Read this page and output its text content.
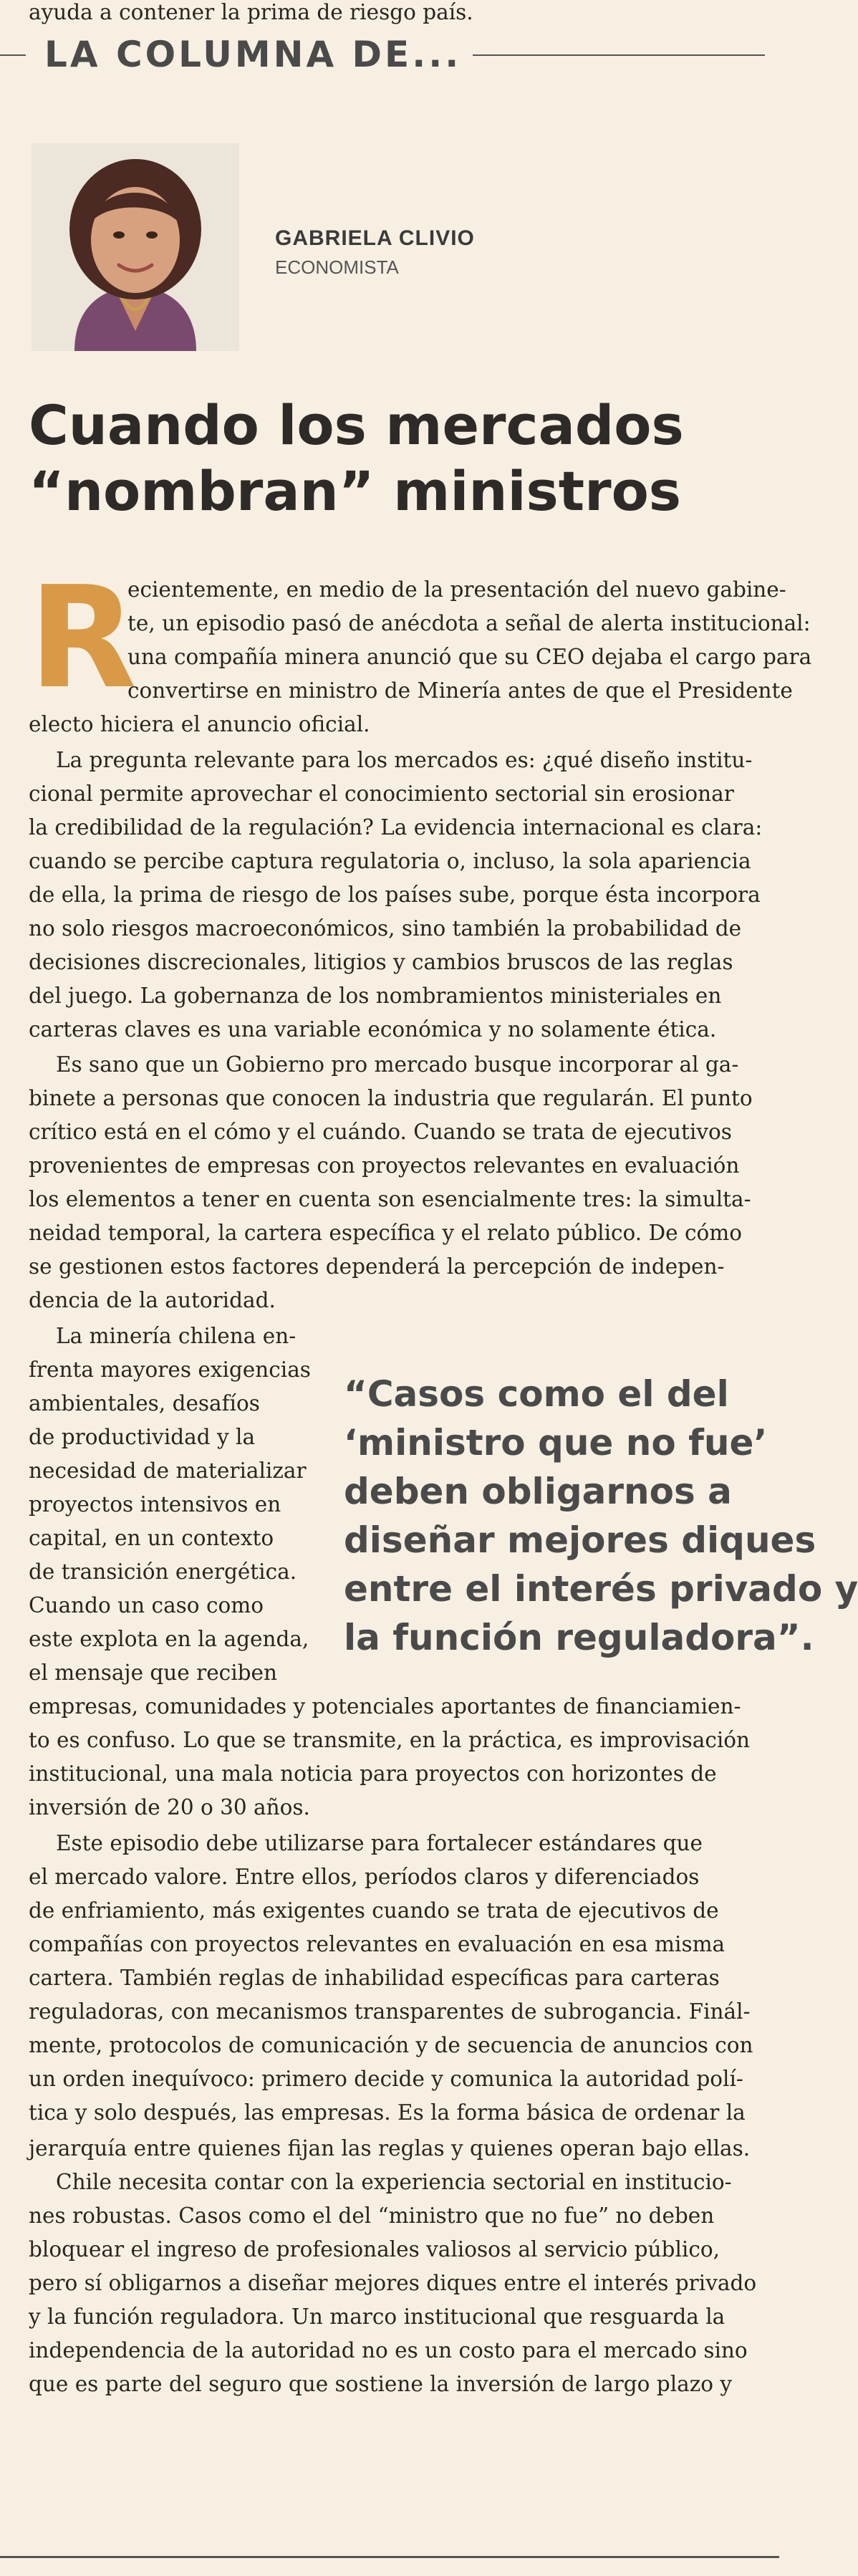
LA COLUMNA DE...
GABRIELA CLIVIO
ECONOMISTA
Cuando los mercados
“nombran” ministros
R
ecientemente, en medio de la presentación del nuevo gabine-
te, un episodio pasó de anécdota a señal de alerta institucional:
una compañía minera anunció que su CEO dejaba el cargo para
convertirse en ministro de Minería antes de que el Presidente
electo hiciera el anuncio oficial.
La pregunta relevante para los mercados es: ¿qué diseño institu-
cional permite aprovechar el conocimiento sectorial sin erosionar
la credibilidad de la regulación? La evidencia internacional es clara:
cuando se percibe captura regulatoria o, incluso, la sola apariencia
de ella, la prima de riesgo de los países sube, porque ésta incorpora
no solo riesgos macroeconómicos, sino también la probabilidad de
decisiones discrecionales, litigios y cambios bruscos de las reglas
del juego. La gobernanza de los nombramientos ministeriales en
carteras claves es una variable económica y no solamente ética.
Es sano que un Gobierno pro mercado busque incorporar al ga-
binete a personas que conocen la industria que regularán. El punto
crítico está en el cómo y el cuándo. Cuando se trata de ejecutivos
provenientes de empresas con proyectos relevantes en evaluación
los elementos a tener en cuenta son esencialmente tres: la simulta-
neidad temporal, la cartera específica y el relato público. De cómo
se gestionen estos factores dependerá la percepción de indepen-
dencia de la autoridad.
La minería chilena en-
frenta mayores exigencias
ambientales, desafíos
de productividad y la
necesidad de materializar
proyectos intensivos en
capital, en un contexto
de transición energética.
Cuando un caso como
este explota en la agenda,
el mensaje que reciben
empresas, comunidades y potenciales aportantes de financiamien-
to es confuso. Lo que se transmite, en la práctica, es improvisación
institucional, una mala noticia para proyectos con horizontes de
inversión de 20 o 30 años.
Este episodio debe utilizarse para fortalecer estándares que
el mercado valore. Entre ellos, períodos claros y diferenciados
de enfriamiento, más exigentes cuando se trata de ejecutivos de
compañías con proyectos relevantes en evaluación en esa misma
cartera. También reglas de inhabilidad específicas para carteras
reguladoras, con mecanismos transparentes de subrogancia. Finál-
mente, protocolos de comunicación y de secuencia de anuncios con
un orden inequívoco: primero decide y comunica la autoridad polí-
tica y solo después, las empresas. Es la forma básica de ordenar la
jerarquía entre quienes fijan las reglas y quienes operan bajo ellas.
Chile necesita contar con la experiencia sectorial en institucio-
nes robustas. Casos como el del “ministro que no fue” no deben
bloquear el ingreso de profesionales valiosos al servicio público,
pero sí obligarnos a diseñar mejores diques entre el interés privado
y la función reguladora. Un marco institucional que resguarda la
independencia de la autoridad no es un costo para el mercado sino
que es parte del seguro que sostiene la inversión de largo plazo y
ayuda a contener la prima de riesgo país.
“Casos como el del
‘ministro que no fue’
deben obligarnos a
diseñar mejores diques
entre el interés privado y
la función reguladora”.
